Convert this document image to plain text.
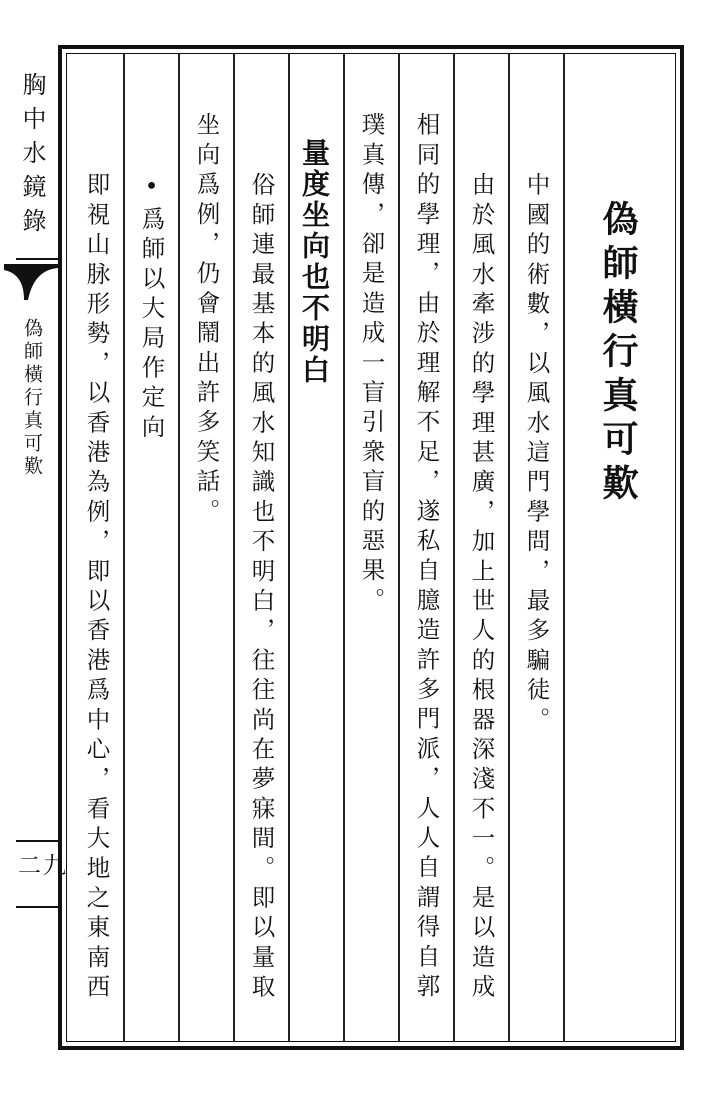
胸中水鏡錄
偽師橫行真可歎
二九
偽師橫行真可歎
中國的術數，以風水這門學問，最多騙徒。
由於風水牽涉的學理甚廣，加上世人的根器深淺不一。是以造成
相同的學理，由於理解不足，遂私自臆造許多門派，人人自謂得自郭
璞真傳，卻是造成一盲引衆盲的惡果。
量度坐向也不明白
俗師連最基本的風水知識也不明白，往往尚在夢寐間。即以量取
坐向爲例，仍會鬧出許多笑話。
•爲師以大局作定向
即視山脉形勢，以香港為例，即以香港爲中心，看大地之東南西
